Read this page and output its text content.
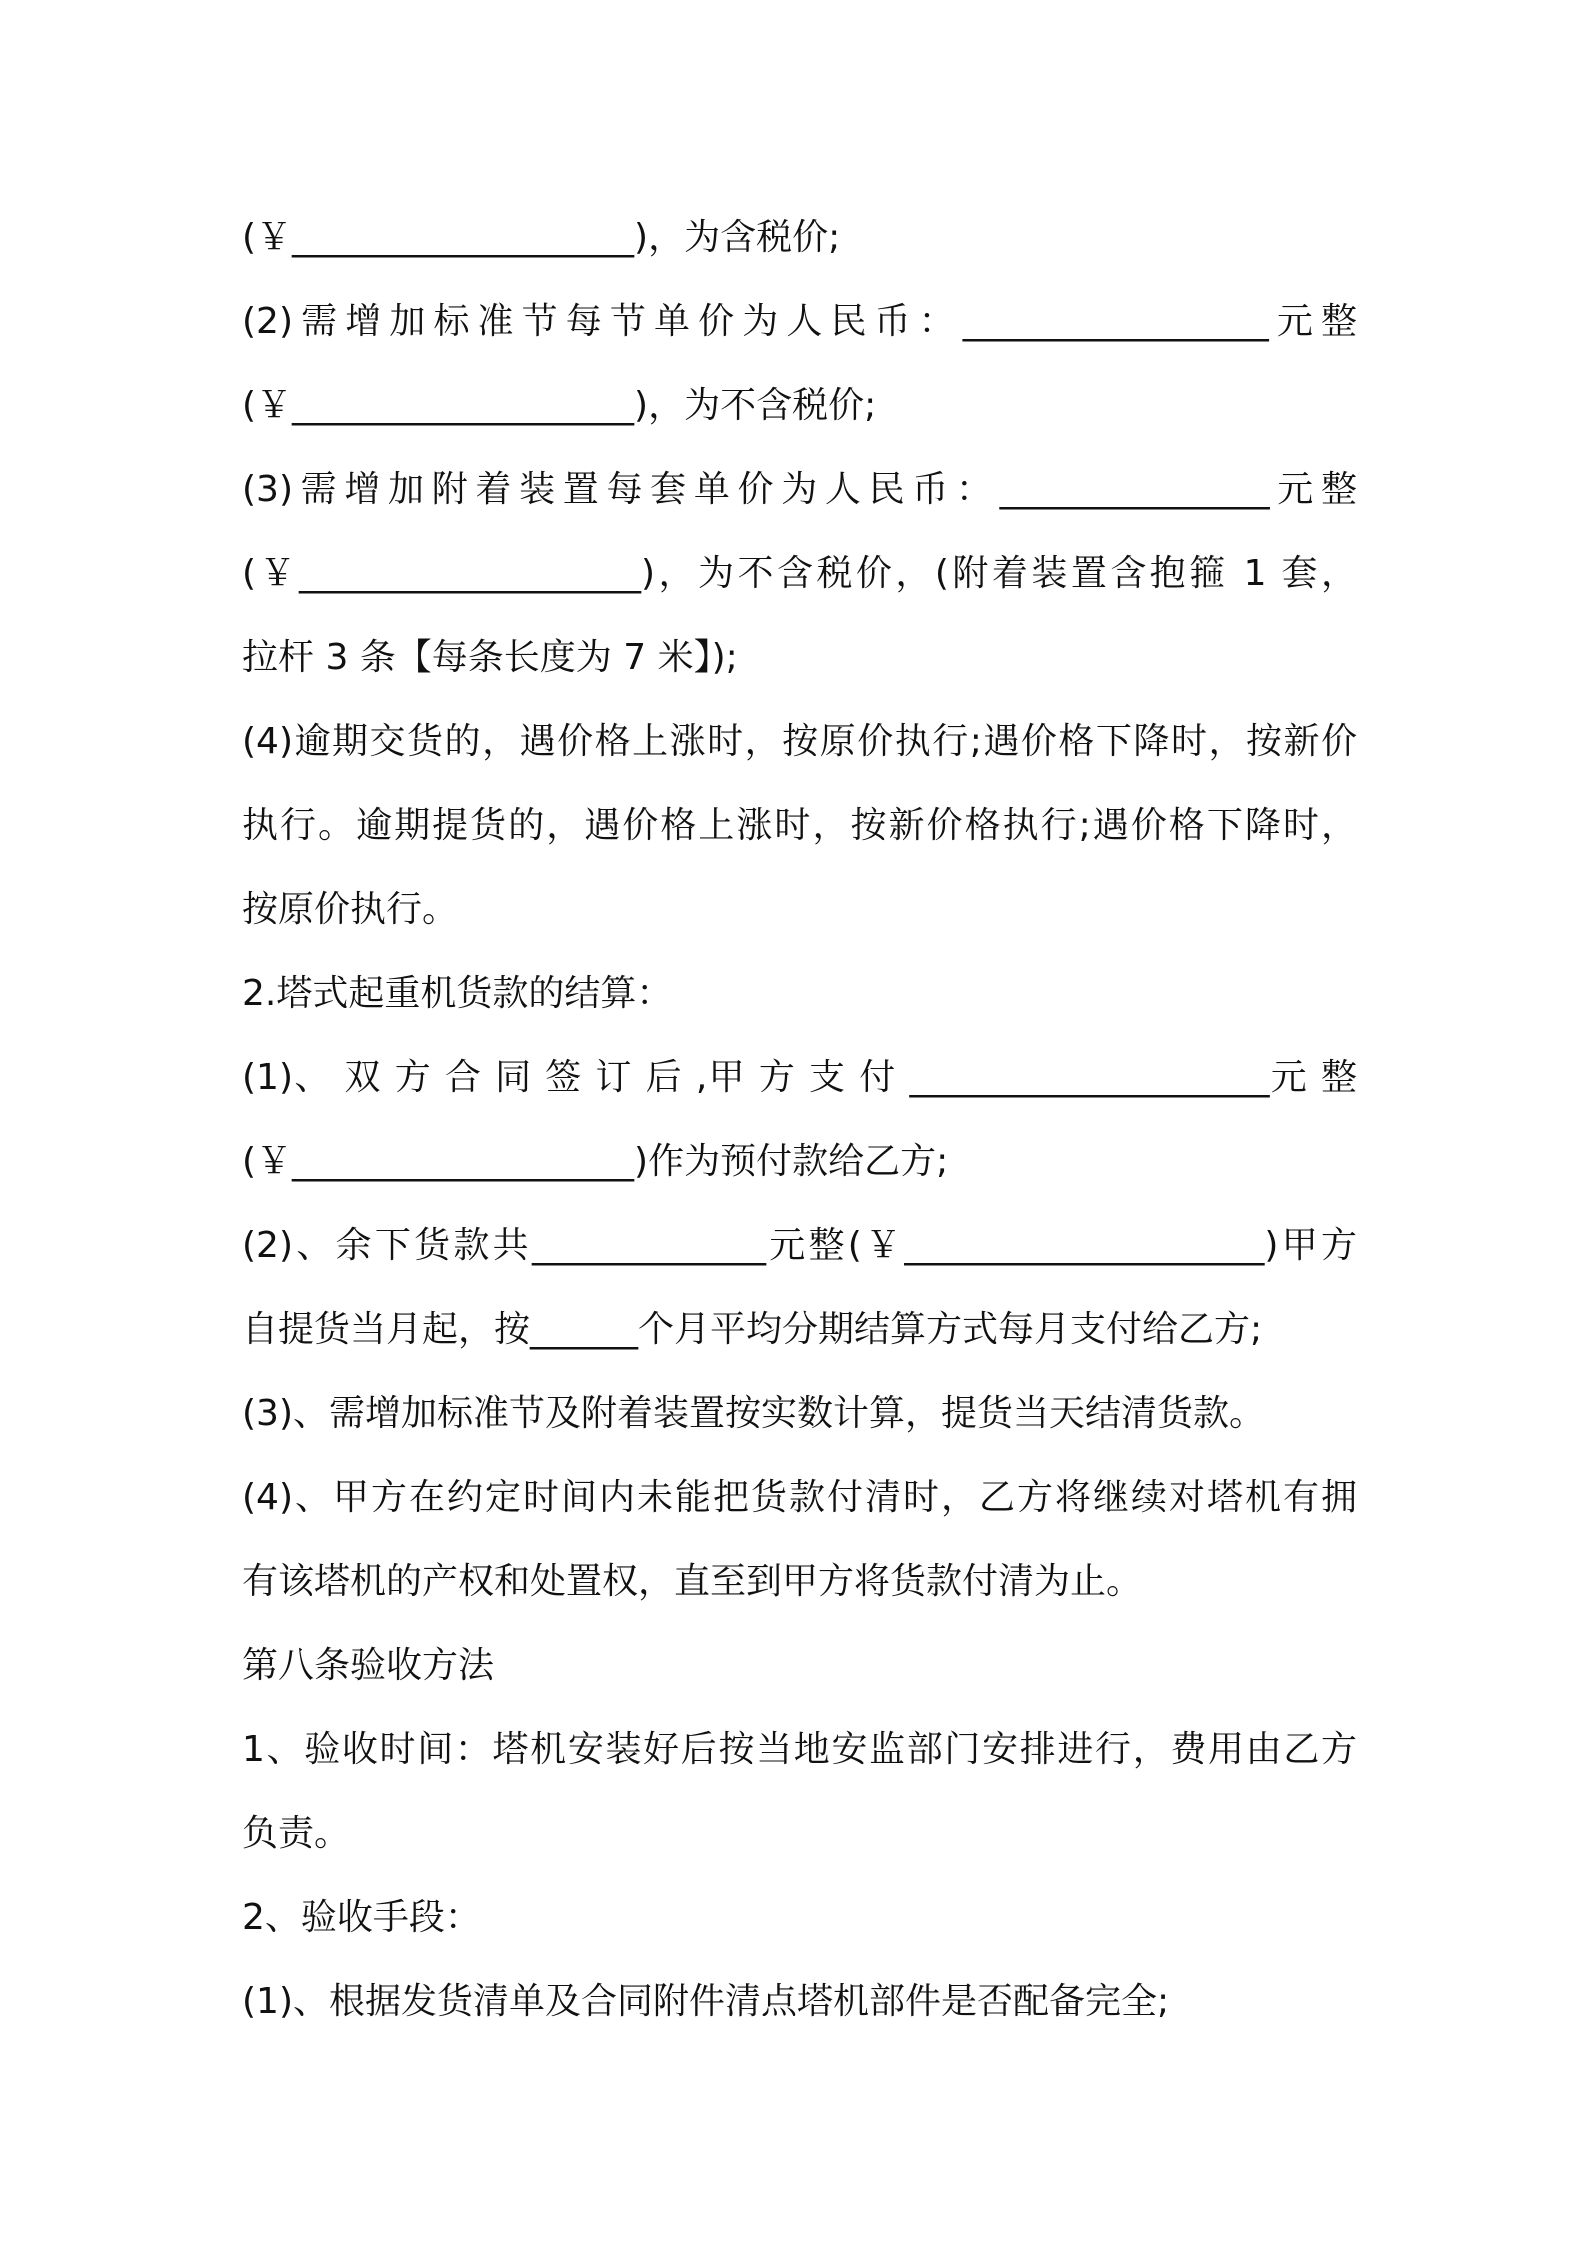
(￥___________________)，为含税价;
(2)需增加标准节每节单价为人民币：_________________元整
(￥___________________)，为不含税价;
(3)需增加附着装置每套单价为人民币：_______________元整
(￥___________________)，为不含税价，(附着装置含抱箍 1 套，
拉杆 3 条【每条长度为 7 米】);
(4)逾期交货的，遇价格上涨时，按原价执行;遇价格下降时，按新价
执行。逾期提货的，遇价格上涨时，按新价格执行;遇价格下降时，
按原价执行。
2.塔式起重机货款的结算：
(1)、 双 方 合 同 签 订 后 ,甲 方 支 付 ____________________元 整
(￥___________________)作为预付款给乙方;
(2)、余下货款共_____________元整(￥____________________)甲方
自提货当月起，按______个月平均分期结算方式每月支付给乙方;
(3)、需增加标准节及附着装置按实数计算，提货当天结清货款。
(4)、甲方在约定时间内未能把货款付清时，乙方将继续对塔机有拥
有该塔机的产权和处置权，直至到甲方将货款付清为止。
第八条验收方法
1、验收时间：塔机安装好后按当地安监部门安排进行，费用由乙方
负责。
2、验收手段：
(1)、根据发货清单及合同附件清点塔机部件是否配备完全;
